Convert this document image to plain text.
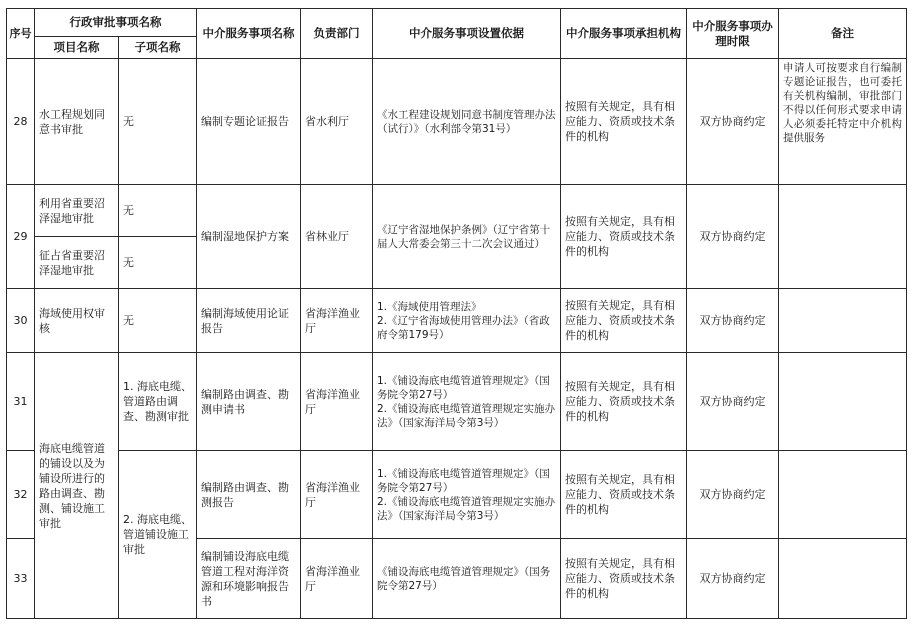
序号	行政审批事项名称		中介服务事项名称	负责部门	中介服务事项设置依据	中介服务事项承担机构	中介服务事项办理时限	备注
	项目名称	子项名称						
28	水工程规划同意书审批	无	编制专题论证报告	省水利厅	《水工程建设规划同意书制度管理办法（试行）》（水利部令第31号）	按照有关规定，具有相应能力、资质或技术条件的机构	双方协商约定	申请人可按要求自行编制专题论证报告，也可委托有关机构编制，审批部门不得以任何形式要求申请人必须委托特定中介机构提供服务
29	利用省重要沼泽湿地审批	无	编制湿地保护方案	省林业厅	《辽宁省湿地保护条例》（辽宁省第十届人大常委会第三十二次会议通过）	按照有关规定，具有相应能力、资质或技术条件的机构	双方协商约定	
	征占省重要沼泽湿地审批	无						
30	海域使用权审核	无	编制海域使用论证报告	省海洋渔业厅	1.《海域使用管理法》
2.《辽宁省海域使用管理办法》（省政府令第179号）	按照有关规定，具有相应能力、资质或技术条件的机构	双方协商约定	
31	海底电缆管道的铺设以及为铺设所进行的路由调查、勘测、铺设施工审批	1. 海底电缆、管道路由调查、勘测审批	编制路由调查、勘测申请书	省海洋渔业厅	1.《铺设海底电缆管道管理规定》（国务院令第27号）
2.《铺设海底电缆管道管理规定实施办法》（国家海洋局令第3号）	按照有关规定，具有相应能力、资质或技术条件的机构	双方协商约定	
32		2. 海底电缆、管道铺设施工审批	编制路由调查、勘测报告	省海洋渔业厅	1.《铺设海底电缆管道管理规定》（国务院令第27号）
2.《铺设海底电缆管道管理规定实施办法》（国家海洋局令第3号）	按照有关规定，具有相应能力、资质或技术条件的机构	双方协商约定	
33			编制铺设海底电缆管道工程对海洋资源和环境影响报告书	省海洋渔业厅	《铺设海底电缆管道管理规定》（国务院令第27号）	按照有关规定，具有相应能力、资质或技术条件的机构	双方协商约定	
